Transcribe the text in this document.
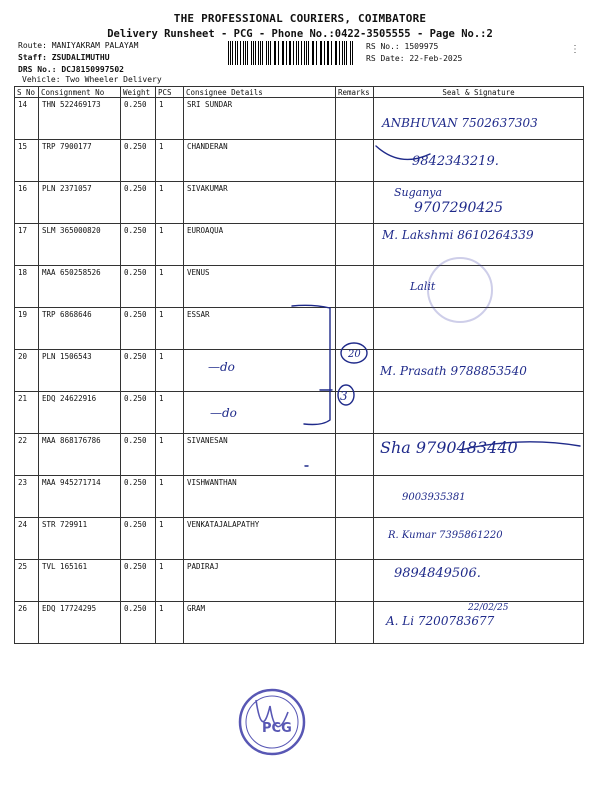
THE PROFESSIONAL COURIERS, COIMBATORE
Delivery Runsheet - PCG - Phone No.:0422-3505555 - Page No.:2
Route: MANIYAKRAM PALAYAM
Staff: ZSUDALIMUTHU
DRS No.: DCJ8150997502
Vehicle: Two Wheeler Delivery
RS No.: 1509975
RS Date: 22-Feb-2025
⋮
S No	Consignment No	Weight	PCS	Consignee Details	Remarks	Seal & Signature
14	THN 522469173	0.250	1	SRI SUNDAR		ANBHUVAN 7502637303

15	TRP 7900177	0.250	1	CHANDERAN		9842343219.

16	PLN 2371057	0.250	1	SIVAKUMAR		Suganya
9707290425

17	SLM 365000820	0.250	1	EUROAQUA		M. Lakshmi 8610264339

18	MAA 650258526	0.250	1	VENUS		Lalit

19	TRP 6868646	0.250	1	ESSAR		
20	PLN 1506543	0.250	1	—do		M. Prasath 9788853540

21	EDQ 24622916	0.250	1	—do		

22	MAA 868176786	0.250	1	SIVANESAN		Sha 9790483440

23	MAA 945271714	0.250	1	VISHWANTHAN		9003935381

24	STR 729911	0.250	1	VENKATAJALAPATHY		R. Kumar 7395861220

25	TVL 165161	0.250	1	PADIRAJ		9894849506.

26	EDQ 17724295	0.250	1	GRAM		22/02/25
A. Li 7200783677
20
3
PCG
